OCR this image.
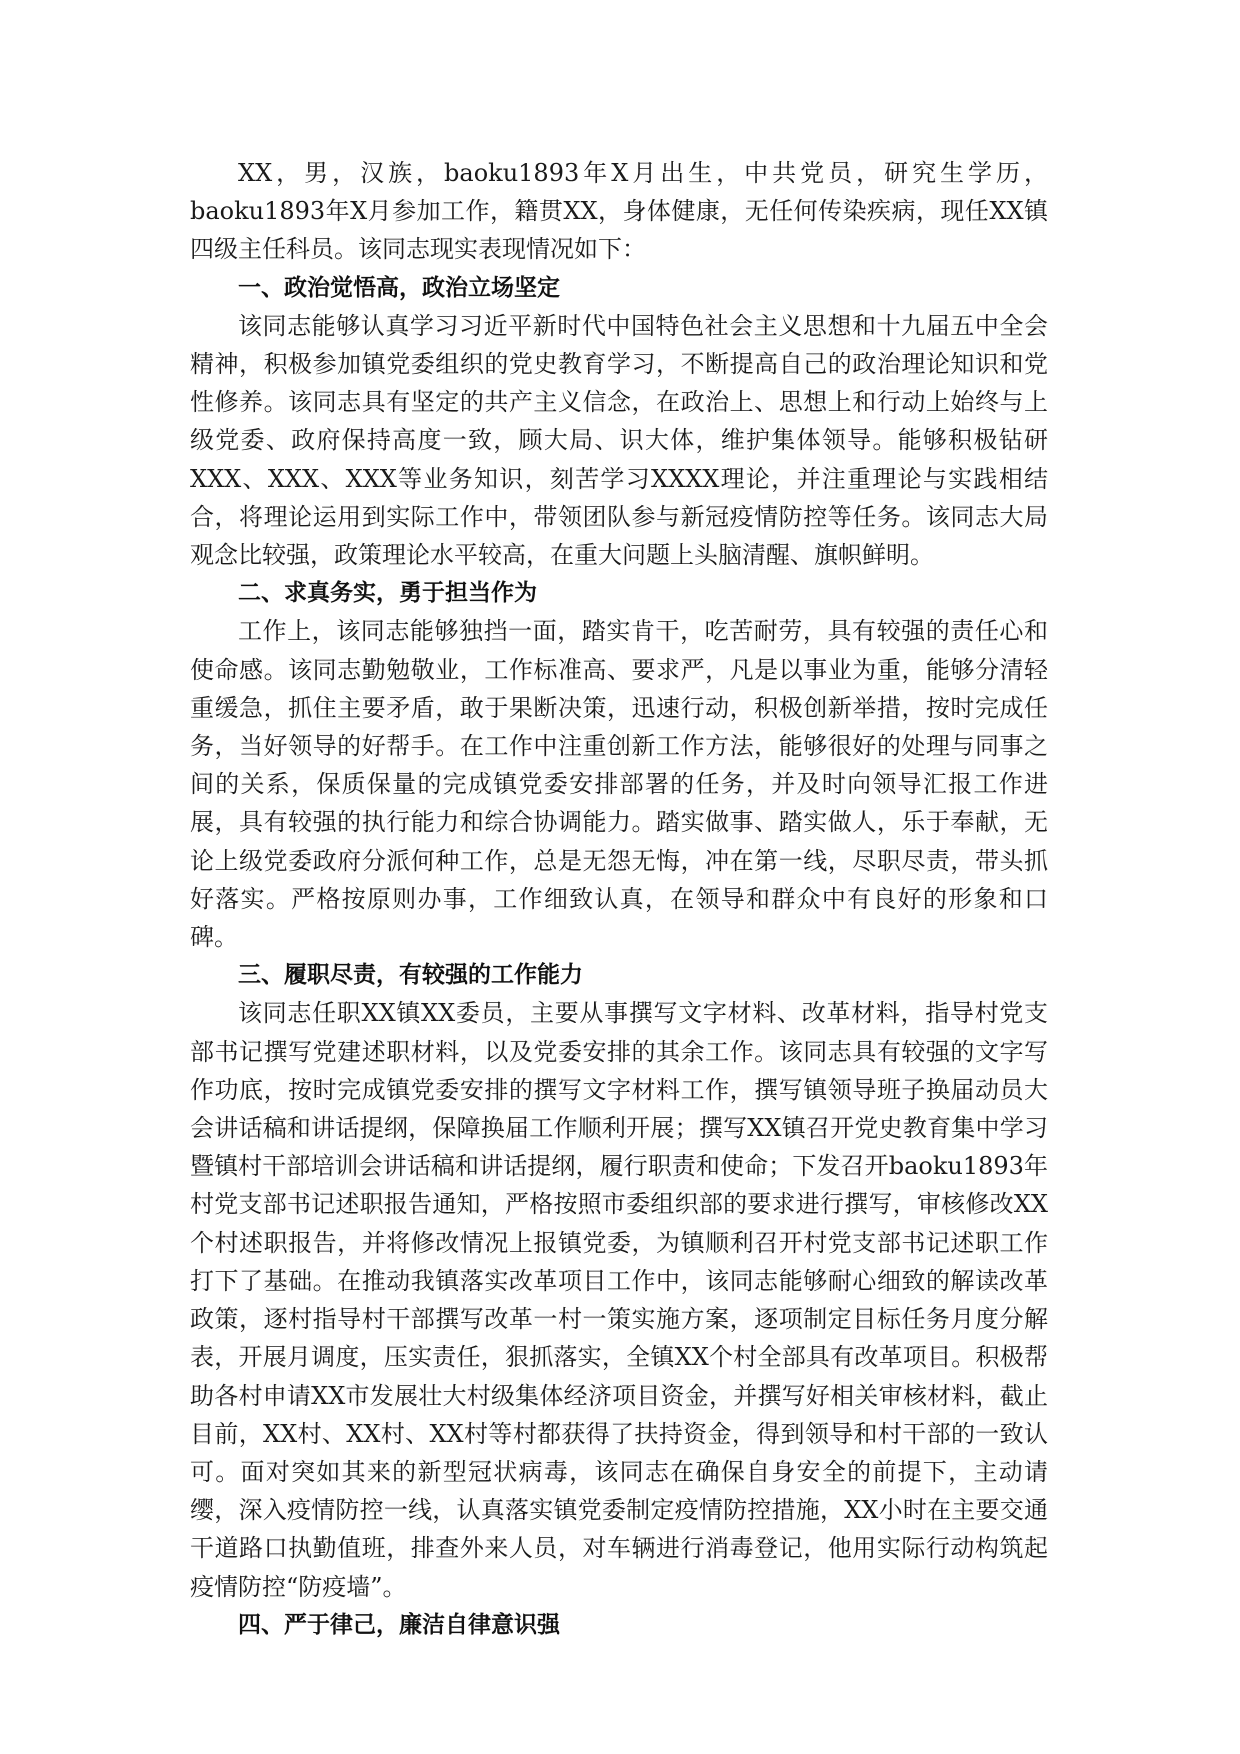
XX，男，汉族，baoku1893年X月出生，中共党员，研究生学历，baoku1893年X月参加工作，籍贯XX，身体健康，无任何传染疾病，现任XX镇四级主任科员。该同志现实表现情况如下：

一、政治觉悟高，政治立场坚定

该同志能够认真学习习近平新时代中国特色社会主义思想和十九届五中全会精神，积极参加镇党委组织的党史教育学习，不断提高自己的政治理论知识和党性修养。该同志具有坚定的共产主义信念，在政治上、思想上和行动上始终与上级党委、政府保持高度一致，顾大局、识大体，维护集体领导。能够积极钻研XXX、XXX、XXX等业务知识，刻苦学习XXXX理论，并注重理论与实践相结合，将理论运用到实际工作中，带领团队参与新冠疫情防控等任务。该同志大局观念比较强，政策理论水平较高，在重大问题上头脑清醒、旗帜鲜明。

二、求真务实，勇于担当作为

工作上，该同志能够独挡一面，踏实肯干，吃苦耐劳，具有较强的责任心和使命感。该同志勤勉敬业，工作标准高、要求严，凡是以事业为重，能够分清轻重缓急，抓住主要矛盾，敢于果断决策，迅速行动，积极创新举措，按时完成任务，当好领导的好帮手。在工作中注重创新工作方法，能够很好的处理与同事之间的关系，保质保量的完成镇党委安排部署的任务，并及时向领导汇报工作进展，具有较强的执行能力和综合协调能力。踏实做事、踏实做人，乐于奉献，无论上级党委政府分派何种工作，总是无怨无悔，冲在第一线，尽职尽责，带头抓好落实。严格按原则办事，工作细致认真，在领导和群众中有良好的形象和口碑。

三、履职尽责，有较强的工作能力

该同志任职XX镇XX委员，主要从事撰写文字材料、改革材料，指导村党支部书记撰写党建述职材料，以及党委安排的其余工作。该同志具有较强的文字写作功底，按时完成镇党委安排的撰写文字材料工作，撰写镇领导班子换届动员大会讲话稿和讲话提纲，保障换届工作顺利开展；撰写XX镇召开党史教育集中学习暨镇村干部培训会讲话稿和讲话提纲，履行职责和使命；下发召开baoku1893年村党支部书记述职报告通知，严格按照市委组织部的要求进行撰写，审核修改XX个村述职报告，并将修改情况上报镇党委，为镇顺利召开村党支部书记述职工作打下了基础。在推动我镇落实改革项目工作中，该同志能够耐心细致的解读改革政策，逐村指导村干部撰写改革一村一策实施方案，逐项制定目标任务月度分解表，开展月调度，压实责任，狠抓落实，全镇XX个村全部具有改革项目。积极帮助各村申请XX市发展壮大村级集体经济项目资金，并撰写好相关审核材料，截止目前，XX村、XX村、XX村等村都获得了扶持资金，得到领导和村干部的一致认可。面对突如其来的新型冠状病毒，该同志在确保自身安全的前提下，主动请缨，深入疫情防控一线，认真落实镇党委制定疫情防控措施，XX小时在主要交通干道路口执勤值班，排查外来人员，对车辆进行消毒登记，他用实际行动构筑起疫情防控“防疫墙”。

四、严于律己，廉洁自律意识强
